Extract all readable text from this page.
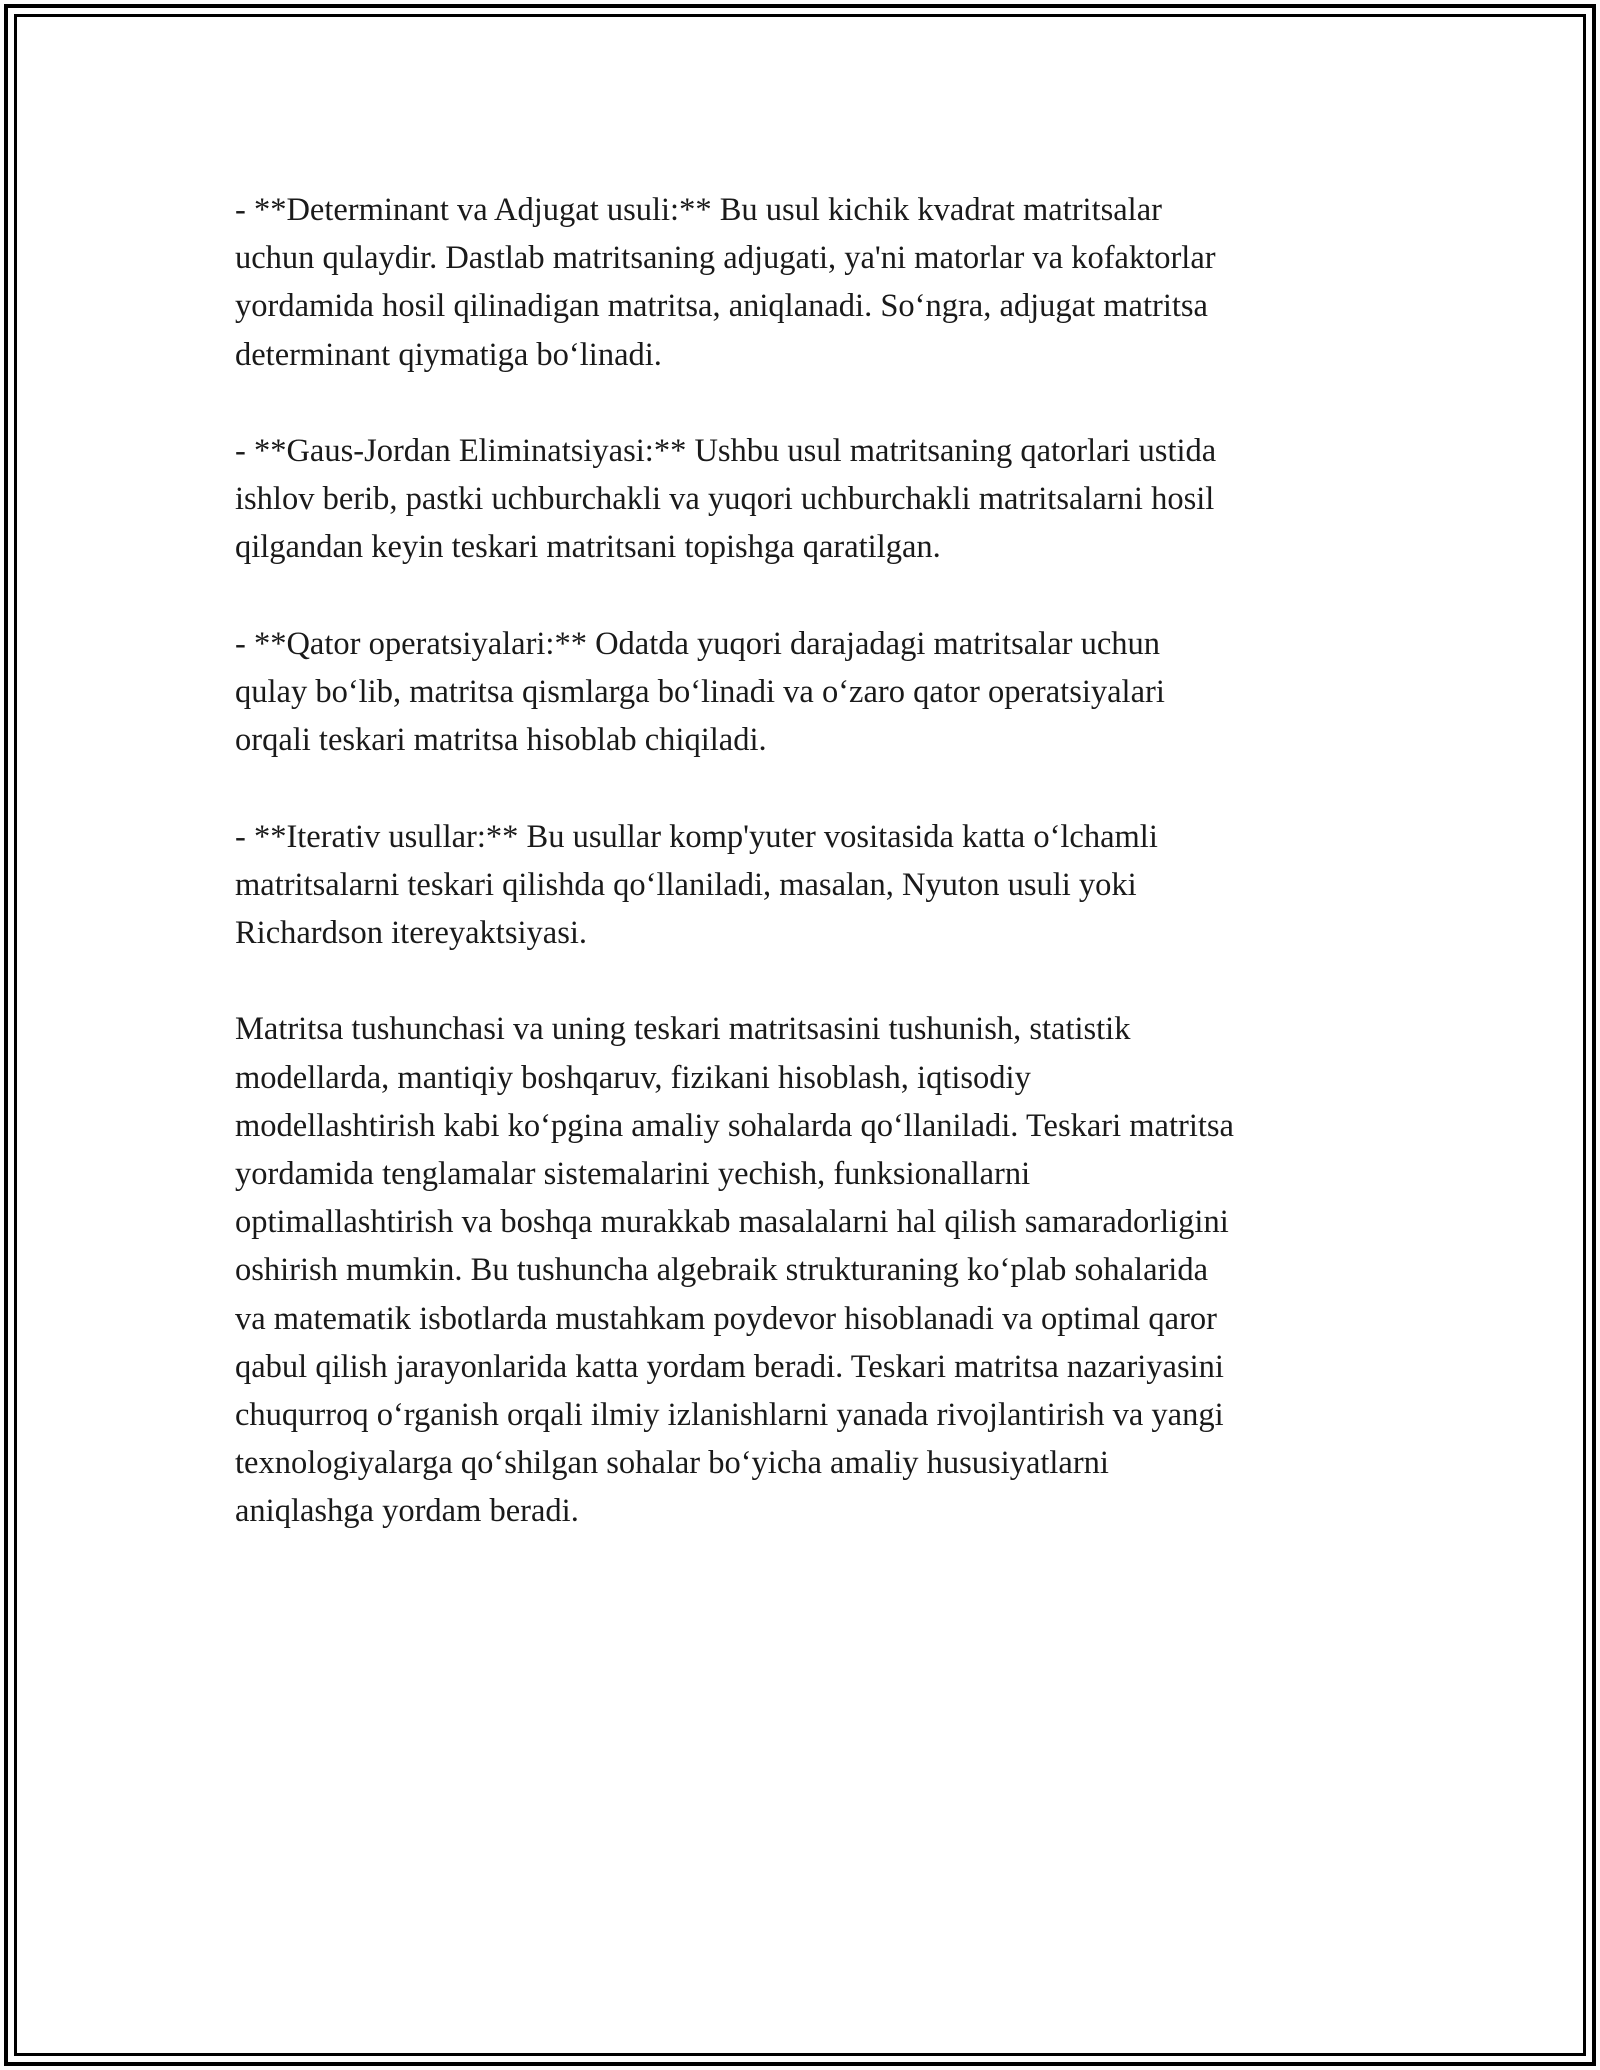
- **Determinant va Adjugat usuli:** Bu usul kichik kvadrat matritsalar
uchun qulaydir. Dastlab matritsaning adjugati, ya'ni matorlar va kofaktorlar
yordamida hosil qilinadigan matritsa, aniqlanadi. So‘ngra, adjugat matritsa
determinant qiymatiga bo‘linadi.

- **Gaus-Jordan Eliminatsiyasi:** Ushbu usul matritsaning qatorlari ustida
ishlov berib, pastki uchburchakli va yuqori uchburchakli matritsalarni hosil
qilgandan keyin teskari matritsani topishga qaratilgan.

- **Qator operatsiyalari:** Odatda yuqori darajadagi matritsalar uchun
qulay bo‘lib, matritsa qismlarga bo‘linadi va o‘zaro qator operatsiyalari
orqali teskari matritsa hisoblab chiqiladi.

- **Iterativ usullar:** Bu usullar komp'yuter vositasida katta o‘lchamli
matritsalarni teskari qilishda qo‘llaniladi, masalan, Nyuton usuli yoki
Richardson itereyaktsiyasi.

Matritsa tushunchasi va uning teskari matritsasini tushunish, statistik
modellarda, mantiqiy boshqaruv, fizikani hisoblash, iqtisodiy
modellashtirish kabi ko‘pgina amaliy sohalarda qo‘llaniladi. Teskari matritsa
yordamida tenglamalar sistemalarini yechish, funksionallarni
optimallashtirish va boshqa murakkab masalalarni hal qilish samaradorligini
oshirish mumkin. Bu tushuncha algebraik strukturaning ko‘plab sohalarida
va matematik isbotlarda mustahkam poydevor hisoblanadi va optimal qaror
qabul qilish jarayonlarida katta yordam beradi. Teskari matritsa nazariyasini
chuqurroq o‘rganish orqali ilmiy izlanishlarni yanada rivojlantirish va yangi
texnologiyalarga qo‘shilgan sohalar bo‘yicha amaliy hususiyatlarni
aniqlashga yordam beradi.
